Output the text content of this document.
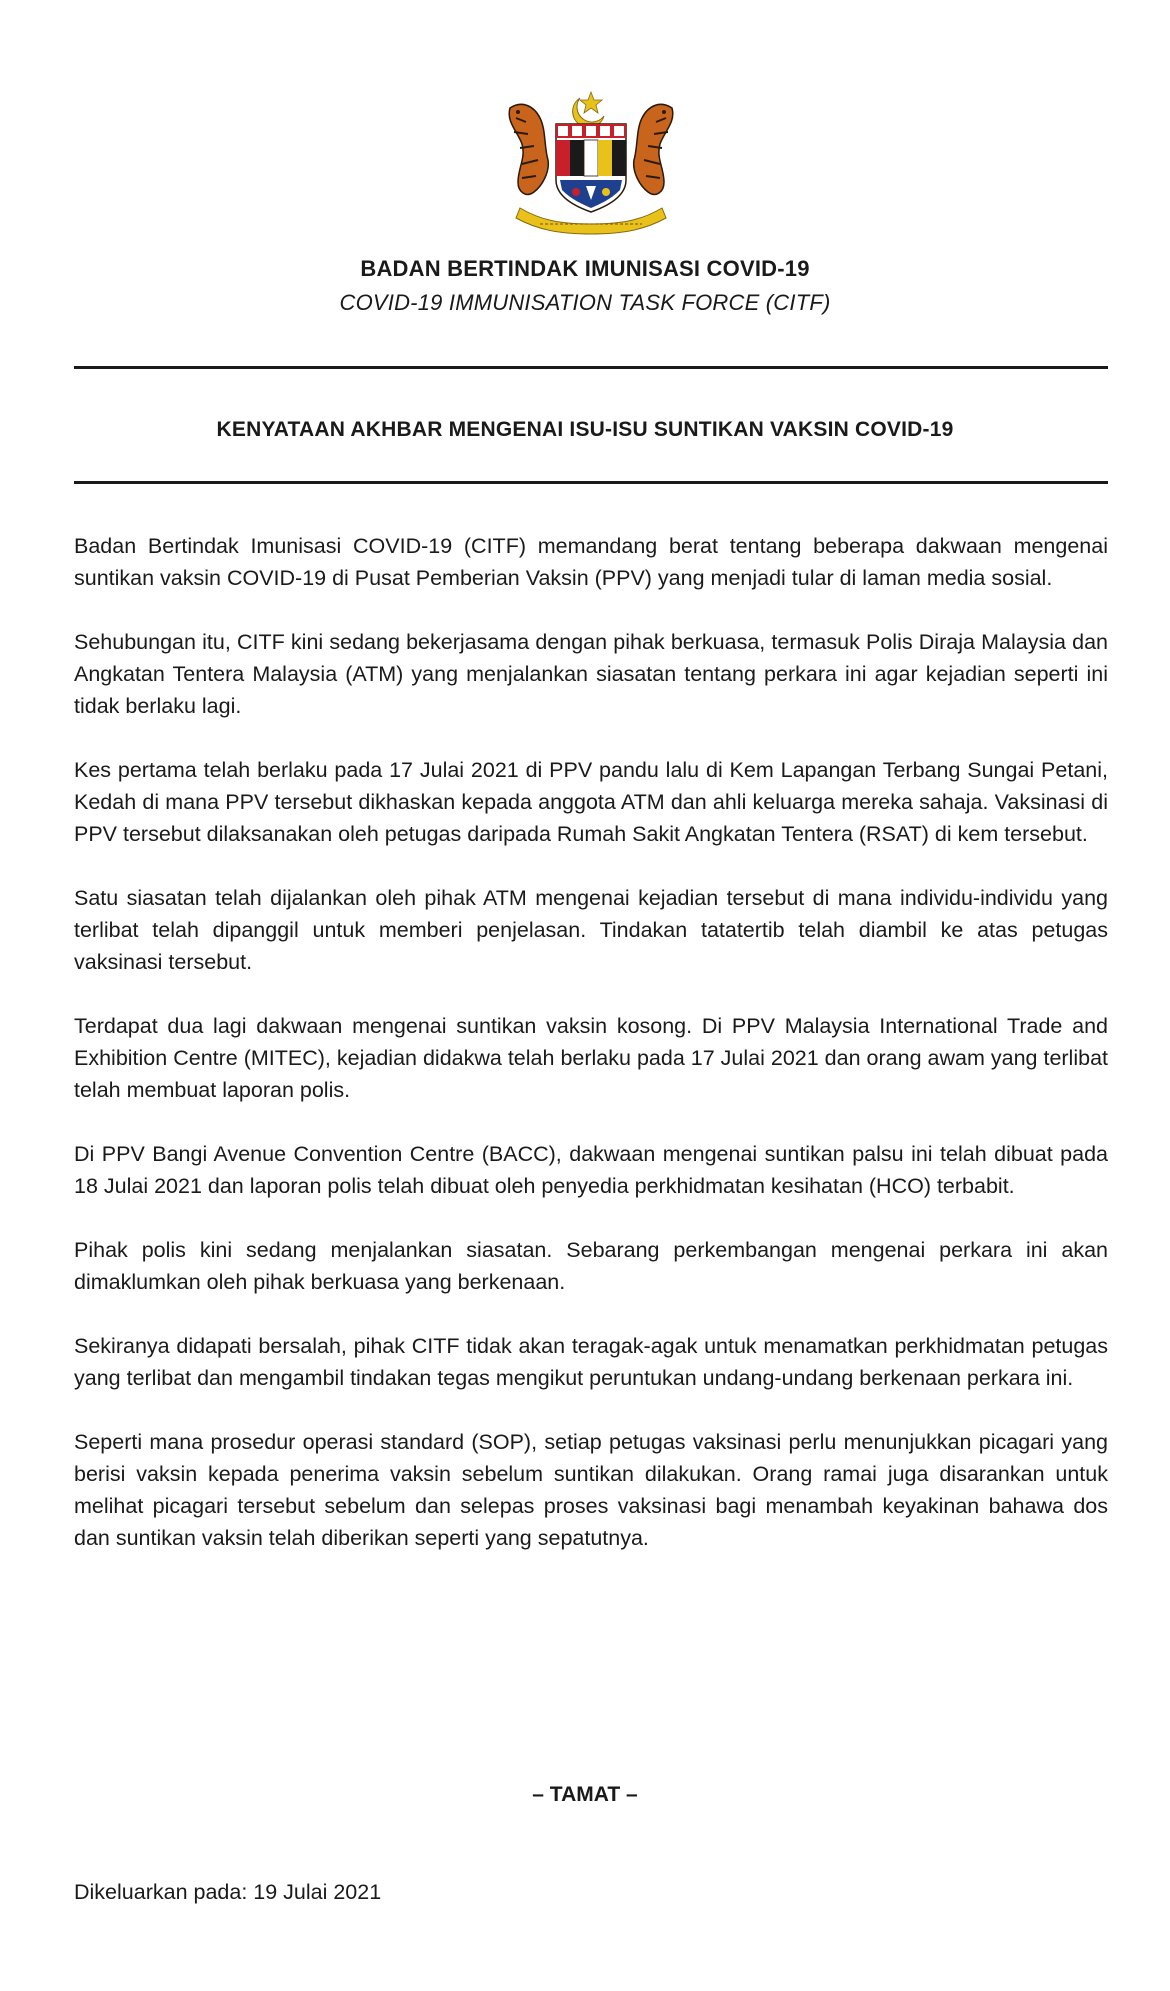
BADAN BERTINDAK IMUNISASI COVID-19
COVID-19 IMMUNISATION TASK FORCE (CITF)
KENYATAAN AKHBAR MENGENAI ISU-ISU SUNTIKAN VAKSIN COVID-19

Badan Bertindak Imunisasi COVID-19 (CITF) memandang berat tentang beberapa dakwaan mengenai suntikan vaksin COVID-19 di Pusat Pemberian Vaksin (PPV) yang menjadi tular di laman media sosial.

Sehubungan itu, CITF kini sedang bekerjasama dengan pihak berkuasa, termasuk Polis Diraja Malaysia dan Angkatan Tentera Malaysia (ATM) yang menjalankan siasatan tentang perkara ini agar kejadian seperti ini tidak berlaku lagi.

Kes pertama telah berlaku pada 17 Julai 2021 di PPV pandu lalu di Kem Lapangan Terbang Sungai Petani, Kedah di mana PPV tersebut dikhaskan kepada anggota ATM dan ahli keluarga mereka sahaja. Vaksinasi di PPV tersebut dilaksanakan oleh petugas daripada Rumah Sakit Angkatan Tentera (RSAT) di kem tersebut.

Satu siasatan telah dijalankan oleh pihak ATM mengenai kejadian tersebut di mana individu-individu yang terlibat telah dipanggil untuk memberi penjelasan. Tindakan tatatertib telah diambil ke atas petugas vaksinasi tersebut.

Terdapat dua lagi dakwaan mengenai suntikan vaksin kosong. Di PPV Malaysia International Trade and Exhibition Centre (MITEC), kejadian didakwa telah berlaku pada 17 Julai 2021 dan orang awam yang terlibat telah membuat laporan polis.

Di PPV Bangi Avenue Convention Centre (BACC), dakwaan mengenai suntikan palsu ini telah dibuat pada 18 Julai 2021 dan laporan polis telah dibuat oleh penyedia perkhidmatan kesihatan (HCO) terbabit.

Pihak polis kini sedang menjalankan siasatan. Sebarang perkembangan mengenai perkara ini akan dimaklumkan oleh pihak berkuasa yang berkenaan.

Sekiranya didapati bersalah, pihak CITF tidak akan teragak-agak untuk menamatkan perkhidmatan petugas yang terlibat dan mengambil tindakan tegas mengikut peruntukan undang-undang berkenaan perkara ini.

Seperti mana prosedur operasi standard (SOP), setiap petugas vaksinasi perlu menunjukkan picagari yang berisi vaksin kepada penerima vaksin sebelum suntikan dilakukan. Orang ramai juga disarankan untuk melihat picagari tersebut sebelum dan selepas proses vaksinasi bagi menambah keyakinan bahawa dos dan suntikan vaksin telah diberikan seperti yang sepatutnya.

– TAMAT –
Dikeluarkan pada: 19 Julai 2021
